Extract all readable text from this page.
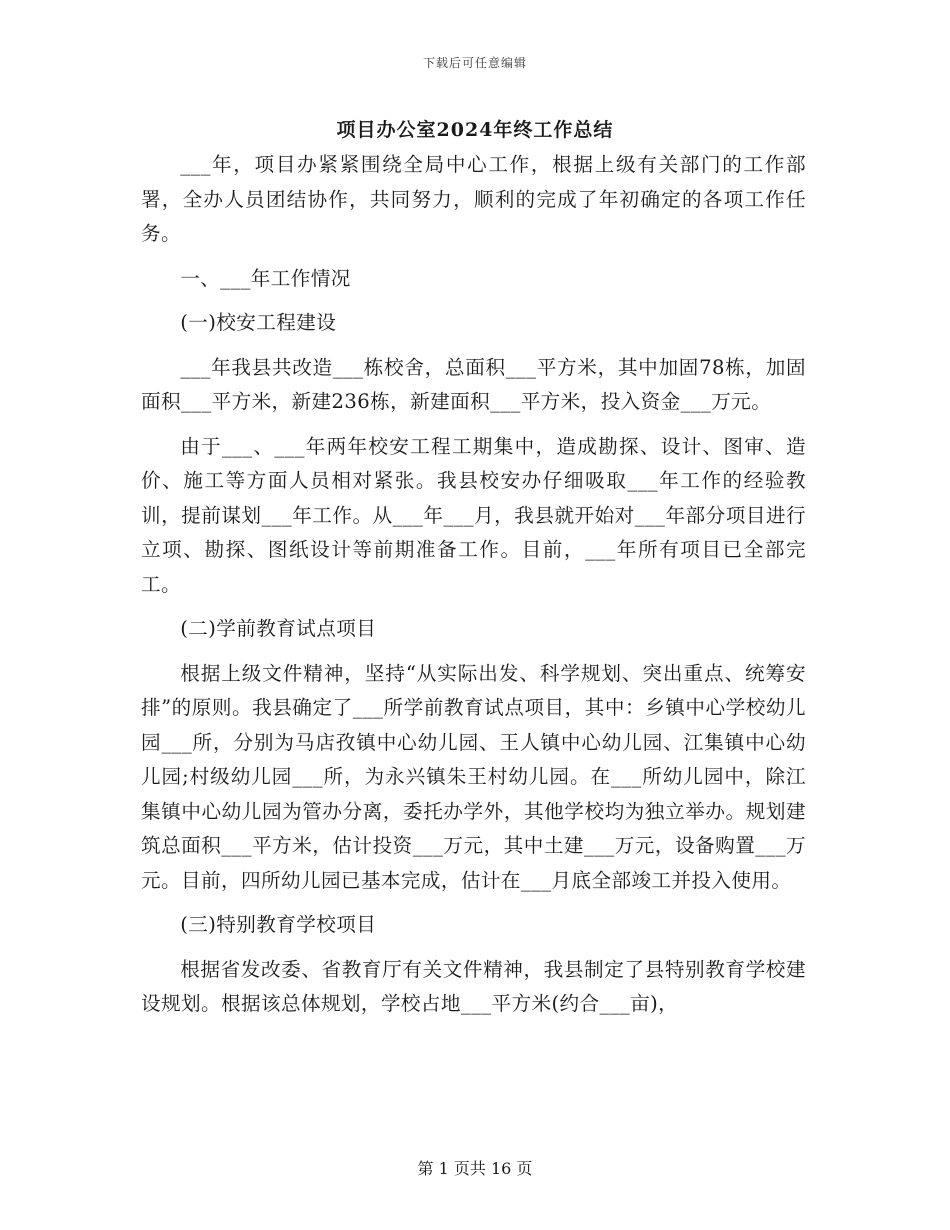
下载后可任意编辑
项目办公室2024年终工作总结

___年，项目办紧紧围绕全局中心工作，根据上级有关部门的工作部署，全办人员团结协作，共同努力，顺利的完成了年初确定的各项工作任务。

一、___年工作情况

(一)校安工程建设

___年我县共改造___栋校舍，总面积___平方米，其中加固78栋，加固面积___平方米，新建236栋，新建面积___平方米，投入资金___万元。

由于___、___年两年校安工程工期集中，造成勘探、设计、图审、造价、施工等方面人员相对紧张。我县校安办仔细吸取___年工作的经验教训，提前谋划___年工作。从___年___月，我县就开始对___年部分项目进行立项、勘探、图纸设计等前期准备工作。目前，___年所有项目已全部完工。

(二)学前教育试点项目

根据上级文件精神，坚持“从实际出发、科学规划、突出重点、统筹安排”的原则。我县确定了___所学前教育试点项目，其中：乡镇中心学校幼儿园___所，分别为马店孜镇中心幼儿园、王人镇中心幼儿园、江集镇中心幼儿园;村级幼儿园___所，为永兴镇朱王村幼儿园。在___所幼儿园中，除江集镇中心幼儿园为管办分离，委托办学外，其他学校均为独立举办。规划建筑总面积___平方米，估计投资___万元，其中土建___万元，设备购置___万元。目前，四所幼儿园已基本完成，估计在___月底全部竣工并投入使用。

(三)特别教育学校项目

根据省发改委、省教育厅有关文件精神，我县制定了县特别教育学校建设规划。根据该总体规划，学校占地___平方米(约合___亩)，

第 1 页共 16 页
